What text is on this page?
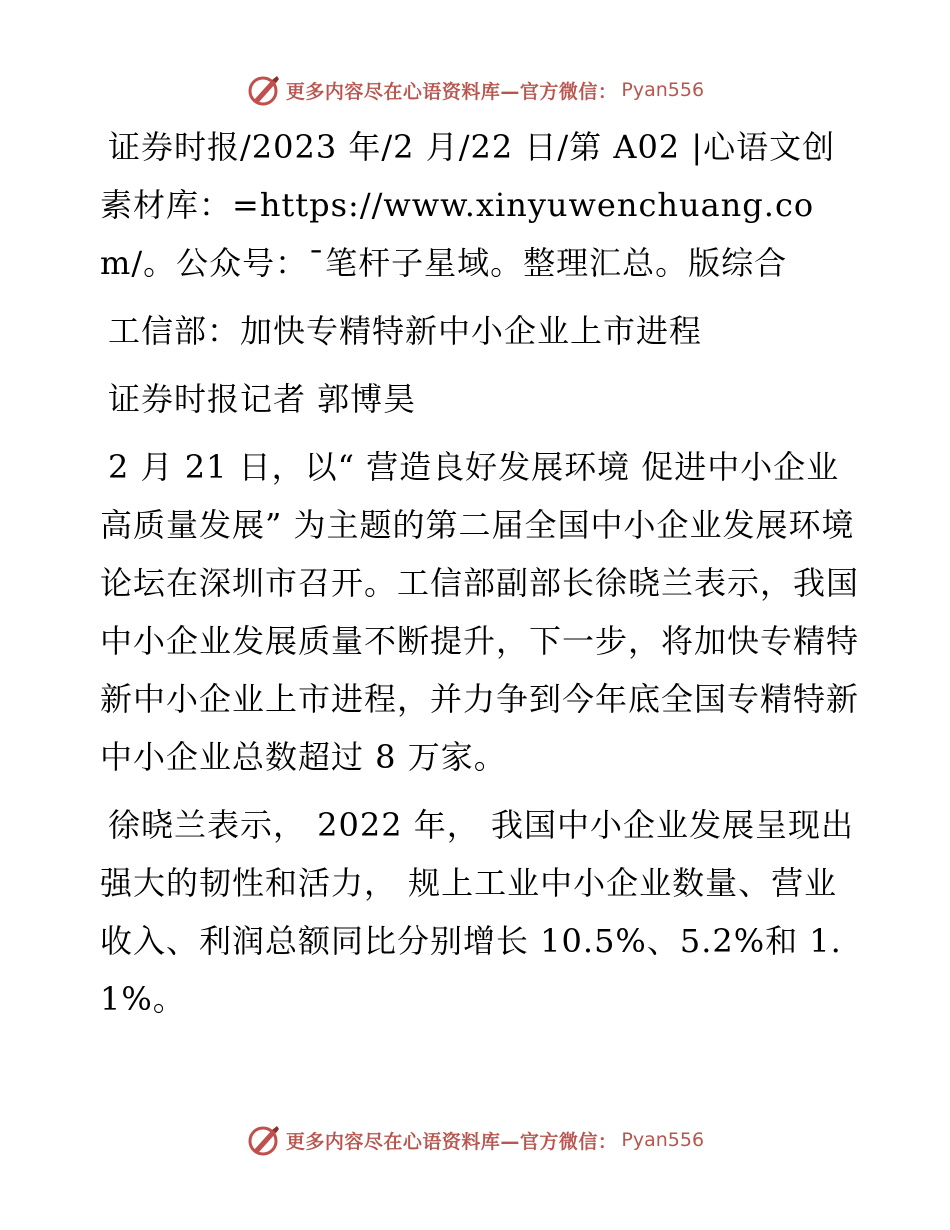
更多内容尽在心语资料库—官方微信： Pyan556

证券时报/2023 年/2 月/22 日/第 A02 |心语文创素材库：=https://www.xinyuwenchuang.com/。公众号：¯笔杆子星域。整理汇总。版综合

工信部：加快专精特新中小企业上市进程

证券时报记者 郭博昊

2 月 21 日，以“ 营造良好发展环境 促进中小企业高质量发展” 为主题的第二届全国中小企业发展环境论坛在深圳市召开。工信部副部长徐晓兰表示，我国中小企业发展质量不断提升，下一步，将加快专精特新中小企业上市进程，并力争到今年底全国专精特新中小企业总数超过 8 万家。

徐晓兰表示， 2022 年， 我国中小企业发展呈现出强大的韧性和活力， 规上工业中小企业数量、营业收入、利润总额同比分别增长 10.5%、5.2%和 1.1%。

更多内容尽在心语资料库—官方微信： Pyan556
